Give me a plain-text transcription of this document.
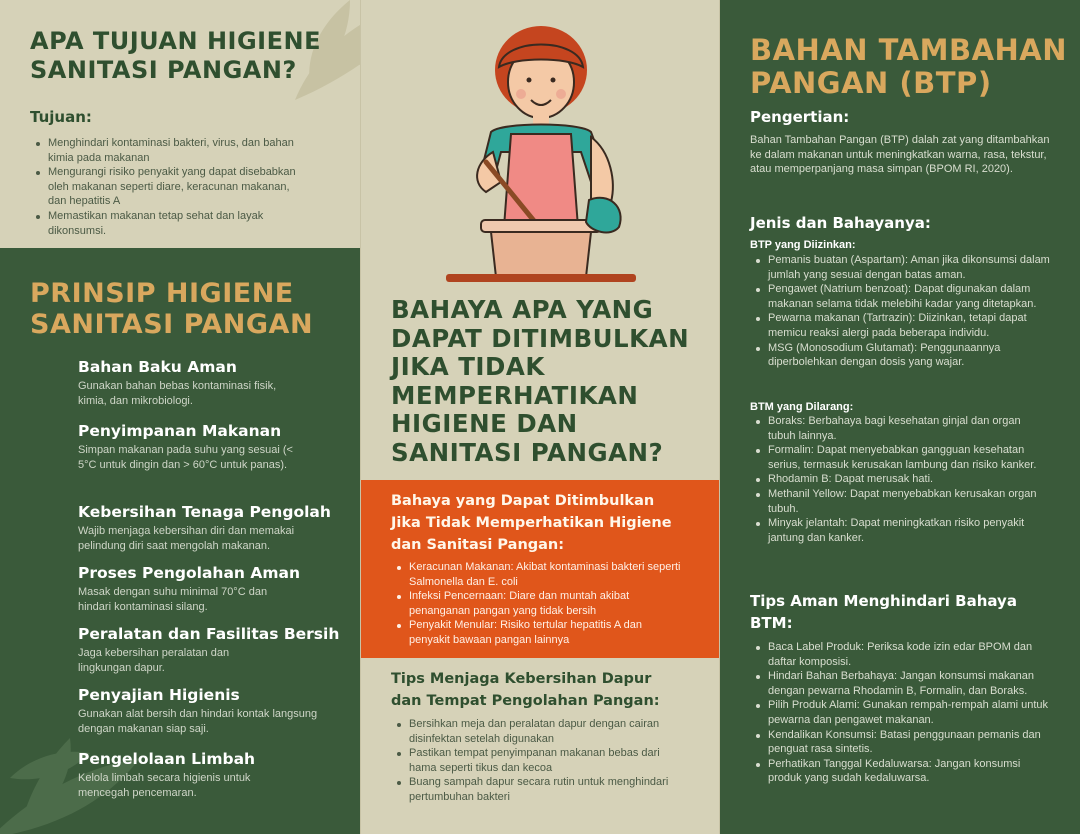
APA TUJUAN HIGIENE
SANITASI PANGAN?
Tujuan:
Menghindari kontaminasi bakteri, virus, dan bahan kimia pada makanan
Mengurangi risiko penyakit yang dapat disebabkan oleh makanan seperti diare, keracunan makanan, dan hepatitis A
Memastikan makanan tetap sehat dan layak dikonsumsi.
PRINSIP HIGIENE
SANITASI PANGAN
Bahan Baku Aman
Gunakan bahan bebas kontaminasi fisik, kimia, dan mikrobiologi.
Penyimpanan Makanan
Simpan makanan pada suhu yang sesuai (< 5°C untuk dingin dan > 60°C untuk panas).
Kebersihan Tenaga Pengolah
Wajib menjaga kebersihan diri dan memakai pelindung diri saat mengolah makanan.
Proses Pengolahan Aman
Masak dengan suhu minimal 70°C dan hindari kontaminasi silang.
Peralatan dan Fasilitas Bersih
Jaga kebersihan peralatan dan lingkungan dapur.
Penyajian Higienis
Gunakan alat bersih dan hindari kontak langsung dengan makanan siap saji.
Pengelolaan Limbah
Kelola limbah secara higienis untuk mencegah pencemaran.
BAHAYA APA YANG
DAPAT DITIMBULKAN
JIKA TIDAK
MEMPERHATIKAN
HIGIENE DAN
SANITASI PANGAN?
Bahaya yang Dapat Ditimbulkan
Jika Tidak Memperhatikan Higiene
dan Sanitasi Pangan:
Keracunan Makanan: Akibat kontaminasi bakteri seperti Salmonella dan E. coli
Infeksi Pencernaan: Diare dan muntah akibat penanganan pangan yang tidak bersih
Penyakit Menular: Risiko tertular hepatitis A dan penyakit bawaan pangan lainnya
Tips Menjaga Kebersihan Dapur
dan Tempat Pengolahan Pangan:
Bersihkan meja dan peralatan dapur dengan cairan disinfektan setelah digunakan
Pastikan tempat penyimpanan makanan bebas dari hama seperti tikus dan kecoa
Buang sampah dapur secara rutin untuk menghindari pertumbuhan bakteri
BAHAN TAMBAHAN
PANGAN (BTP)
Pengertian:
Bahan Tambahan Pangan (BTP) dalah zat yang ditambahkan ke dalam makanan untuk meningkatkan warna, rasa, tekstur, atau memperpanjang masa simpan (BPOM RI, 2020).
Jenis dan Bahayanya:
BTP yang Diizinkan:
Pemanis buatan (Aspartam): Aman jika dikonsumsi dalam jumlah yang sesuai dengan batas aman.
Pengawet (Natrium benzoat): Dapat digunakan dalam makanan selama tidak melebihi kadar yang ditetapkan.
Pewarna makanan (Tartrazin): Diizinkan, tetapi dapat memicu reaksi alergi pada beberapa individu.
MSG (Monosodium Glutamat): Penggunaannya diperbolehkan dengan dosis yang wajar.
BTM yang Dilarang:
Boraks: Berbahaya bagi kesehatan ginjal dan organ tubuh lainnya.
Formalin: Dapat menyebabkan gangguan kesehatan serius, termasuk kerusakan lambung dan risiko kanker.
Rhodamin B: Dapat merusak hati.
Methanil Yellow: Dapat menyebabkan kerusakan organ tubuh.
Minyak jelantah: Dapat meningkatkan risiko penyakit jantung dan kanker.
Tips Aman Menghindari Bahaya
BTM:
Baca Label Produk: Periksa kode izin edar BPOM dan daftar komposisi.
Hindari Bahan Berbahaya: Jangan konsumsi makanan dengan pewarna Rhodamin B, Formalin, dan Boraks.
Pilih Produk Alami: Gunakan rempah-rempah alami untuk pewarna dan pengawet makanan.
Kendalikan Konsumsi: Batasi penggunaan pemanis dan penguat rasa sintetis.
Perhatikan Tanggal Kedaluwarsa: Jangan konsumsi produk yang sudah kedaluwarsa.
